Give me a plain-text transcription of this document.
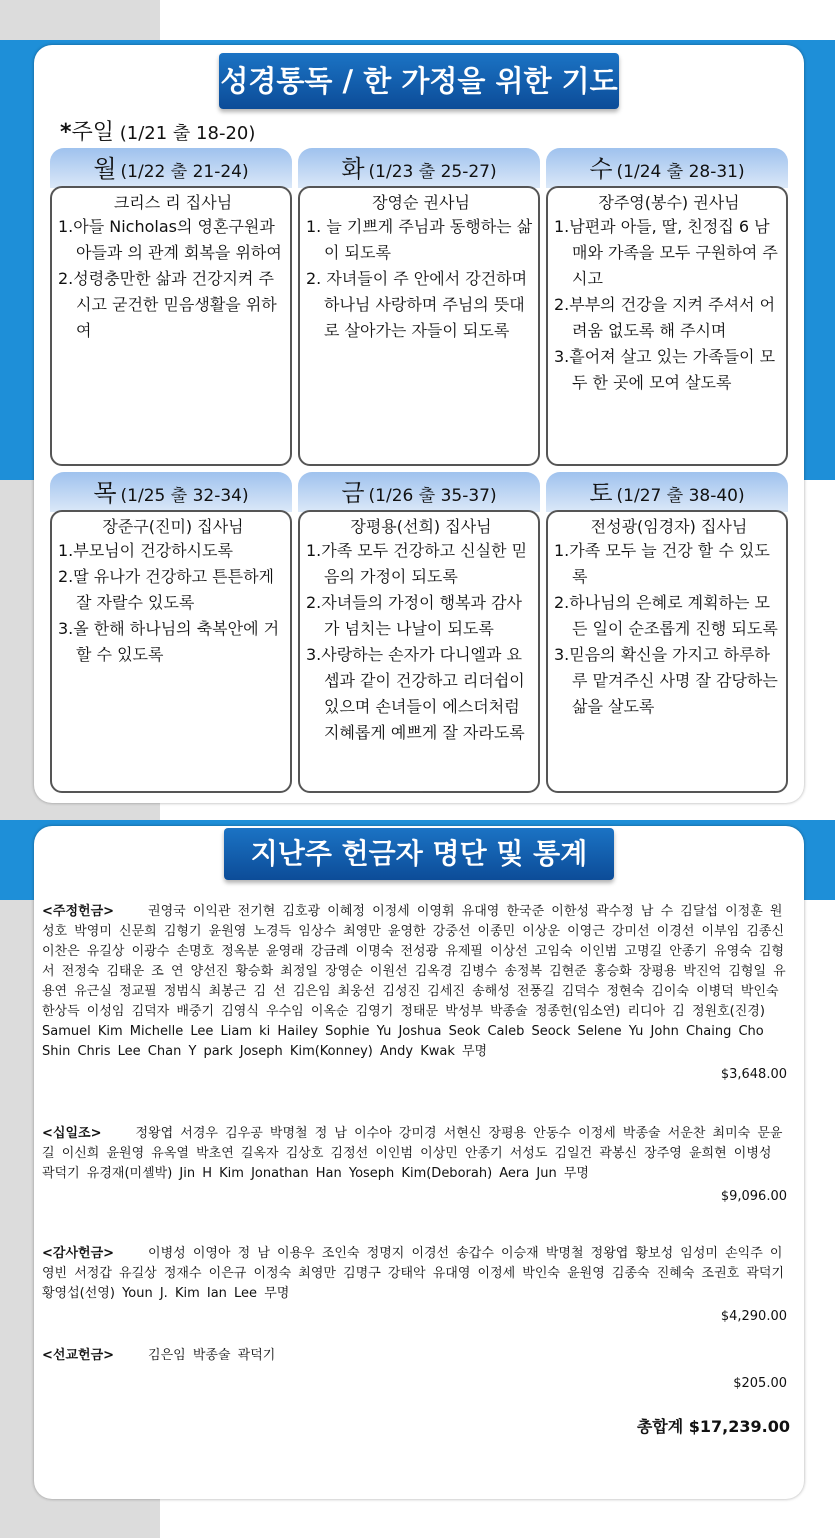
성경통독 / 한 가정을 위한 기도
*주일 (1/21 출 18-20)
월 (1/22 출 21-24)
크리스 리 집사님
1.아들 Nicholas의 영혼구원과 아들과 의 관계 회복을 위하여
2.성령충만한 삶과 건강지켜 주시고 굳건한 믿음생활을 위하여
화 (1/23 출 25-27)
장영순 권사님
1. 늘 기쁘게 주님과 동행하는 삶이 되도록
2. 자녀들이 주 안에서 강건하며 하나님 사랑하며 주님의 뜻대로 살아가는 자들이 되도록
수 (1/24 출 28-31)
장주영(봉수) 권사님
1.남편과 아들, 딸, 친정집 6 남매와 가족을 모두 구원하여 주시고
2.부부의 건강을 지켜 주셔서 어려움 없도록 해 주시며
3.흩어져 살고 있는 가족들이 모두 한 곳에 모여 살도록
목 (1/25 출 32-34)
장준구(진미) 집사님
1.부모님이 건강하시도록
2.딸 유나가 건강하고 튼튼하게 잘 자랄수 있도록
3.올 한해 하나님의 축복안에 거할 수 있도록
금 (1/26 출 35-37)
장평용(선희) 집사님
1.가족 모두 건강하고 신실한 믿음의 가정이 되도록
2.자녀들의 가정이 행복과 감사가 넘치는 나날이 되도록
3.사랑하는 손자가 다니엘과 요셉과 같이 건강하고 리더쉽이 있으며 손녀들이 에스더처럼 지혜롭게 예쁘게 잘 자라도록
토 (1/27 출 38-40)
전성광(임경자) 집사님
1.가족 모두 늘 건강 할 수 있도록
2.하나님의 은혜로 계획하는 모든 일이 순조롭게 진행 되도록
3.믿음의 확신을 가지고 하루하루 맡겨주신 사명 잘 감당하는 삶을 살도록
지난주 헌금자 명단 및 통계
<주정헌금>	권영국 이익관 전기현 김호광 이혜정 이정세 이영휘 유대영 한국준 이한성 곽수정 남 수 김달섭 이정훈 원성호 박영미 신문희 김형기 윤원영 노경득 임상수 최영만 윤영한 강중선 이종민 이상운 이영근 강미선 이경선 이부임 김종신 이찬은 유길상 이광수 손명호 정옥분 윤영래 강금례 이명숙 전성광 유제필 이상선 고임숙 이인범 고명길 안종기 유영숙 김형서 전정숙 김태운 조 연 양선진 황승화 최정일 장영순 이원선 김옥경 김병수 송정복 김현준 홍승화 장평용 박진억 김형일 유용연 유근실 정교필 정범식 최봉근 김 선 김은임 최웅선 김성진 김세진 송해성 전풍길 김덕수 정현숙 김이숙 이병덕 박인숙 한상득 이성임 김덕자 배중기 김영식 우수임 이옥순 김영기 정태문 박성부 박종술 정종헌(임소연) 리디아 김 정원호(진경) Samuel Kim Michelle Lee Liam ki Hailey Sophie Yu Joshua Seok Caleb Seock Selene Yu John Chaing Cho Shin Chris Lee Chan Y park Joseph Kim(Konney) Andy Kwak 무명
$3,648.00
<십일조>	정왕엽 서경우 김우공 박명철 정 남 이수아 강미경 서현신 장평용 안동수 이정세 박종술 서운찬 최미숙 문윤길 이신희 윤원영 유옥열 박초연 길옥자 김상호 김정선 이인범 이상민 안종기 서성도 김일건 곽봉신 장주영 윤희현 이병성 곽덕기 유경재(미셸박) Jin H Kim Jonathan Han Yoseph Kim(Deborah) Aera Jun 무명
$9,096.00
<감사헌금>	이병성 이영아 정 남 이용우 조인숙 정명지 이경선 송갑수 이승재 박명철 정왕엽 황보성 임성미 손익주 이영빈 서정갑 유길상 정재수 이은규 이정숙 최영만 김명구 강태악 유대영 이정세 박인숙 윤원영 김종숙 진혜숙 조권호 곽덕기 황영섭(선영) Youn J. Kim Ian Lee 무명
$4,290.00
<선교헌금>	김은임 박종술 곽덕기
$205.00
총합계 $17,239.00
